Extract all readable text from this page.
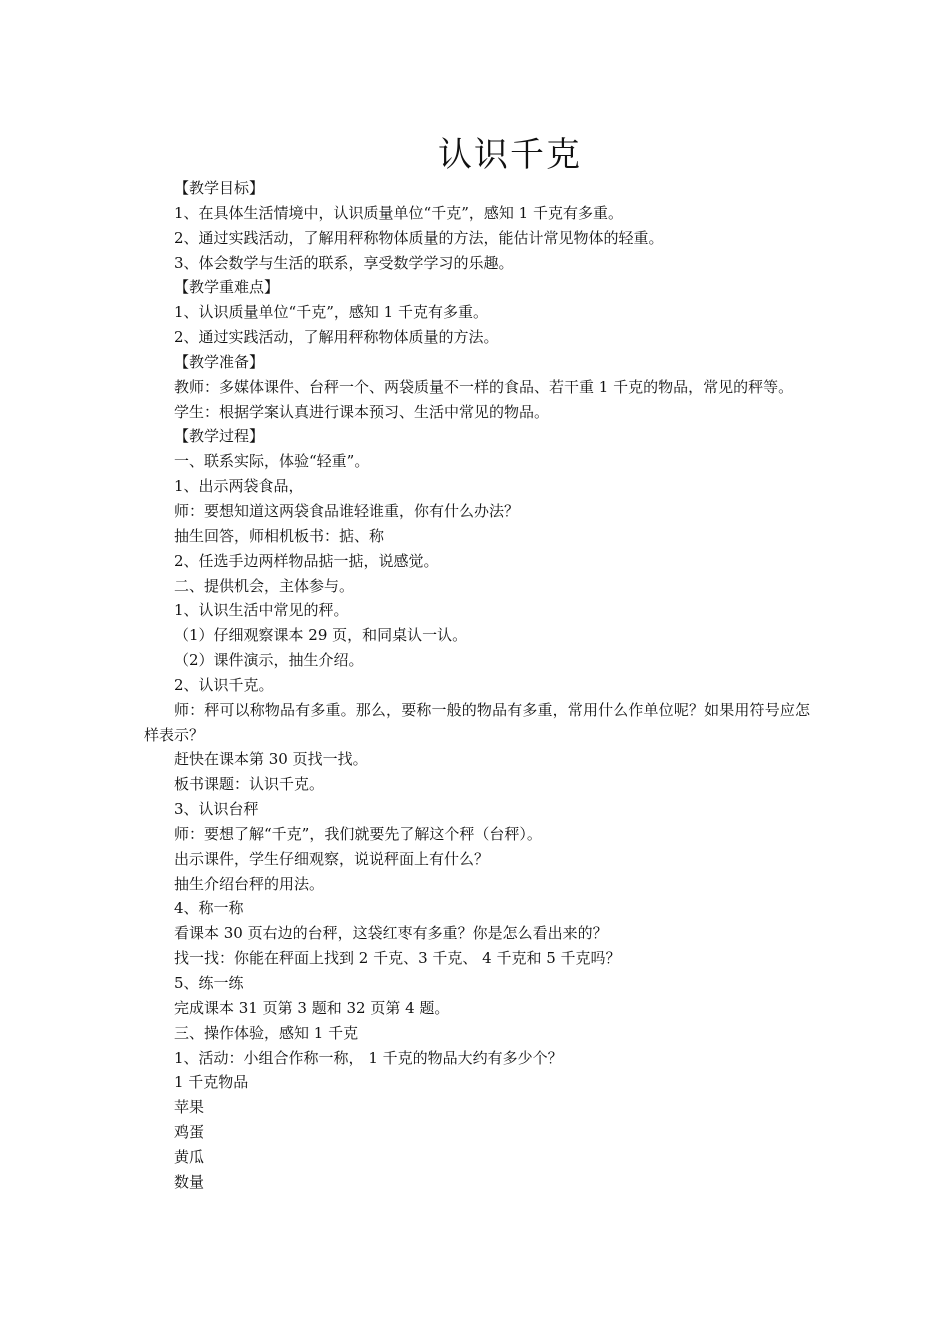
认识千克

【教学目标】

1、在具体生活情境中，认识质量单位“千克”，感知 1 千克有多重。

2、通过实践活动，了解用秤称物体质量的方法，能估计常见物体的轻重。

3、体会数学与生活的联系，享受数学学习的乐趣。

【教学重难点】

1、认识质量单位“千克”，感知 1 千克有多重。

2、通过实践活动，了解用秤称物体质量的方法。

【教学准备】

教师：多媒体课件、台秤一个、两袋质量不一样的食品、若干重 1 千克的物品，常见的秤等。

学生：根据学案认真进行课本预习、生活中常见的物品。

【教学过程】

一、联系实际，体验“轻重”。

1、出示两袋食品，

师：要想知道这两袋食品谁轻谁重，你有什么办法？

抽生回答，师相机板书：掂、称

2、任选手边两样物品掂一掂，说感觉。

二、提供机会，主体参与。

1、认识生活中常见的秤。

（1）仔细观察课本 29 页，和同桌认一认。

（2）课件演示，抽生介绍。

2、认识千克。

师：秤可以称物品有多重。那么，要称一般的物品有多重，常用什么作单位呢？如果用符号应怎样表示？

赶快在课本第 30 页找一找。

板书课题：认识千克。

3、认识台秤

师：要想了解“千克”，我们就要先了解这个秤（台秤）。

出示课件，学生仔细观察，说说秤面上有什么？

抽生介绍台秤的用法。

4、称一称

看课本 30 页右边的台秤，这袋红枣有多重？你是怎么看出来的？

找一找：你能在秤面上找到 2 千克、3 千克、 4 千克和 5 千克吗？

5、练一练

完成课本 31 页第 3 题和 32 页第 4 题。

三、操作体验，感知 1 千克

1、活动：小组合作称一称， 1 千克的物品大约有多少个？

1 千克物品

苹果

鸡蛋

黄瓜

数量
